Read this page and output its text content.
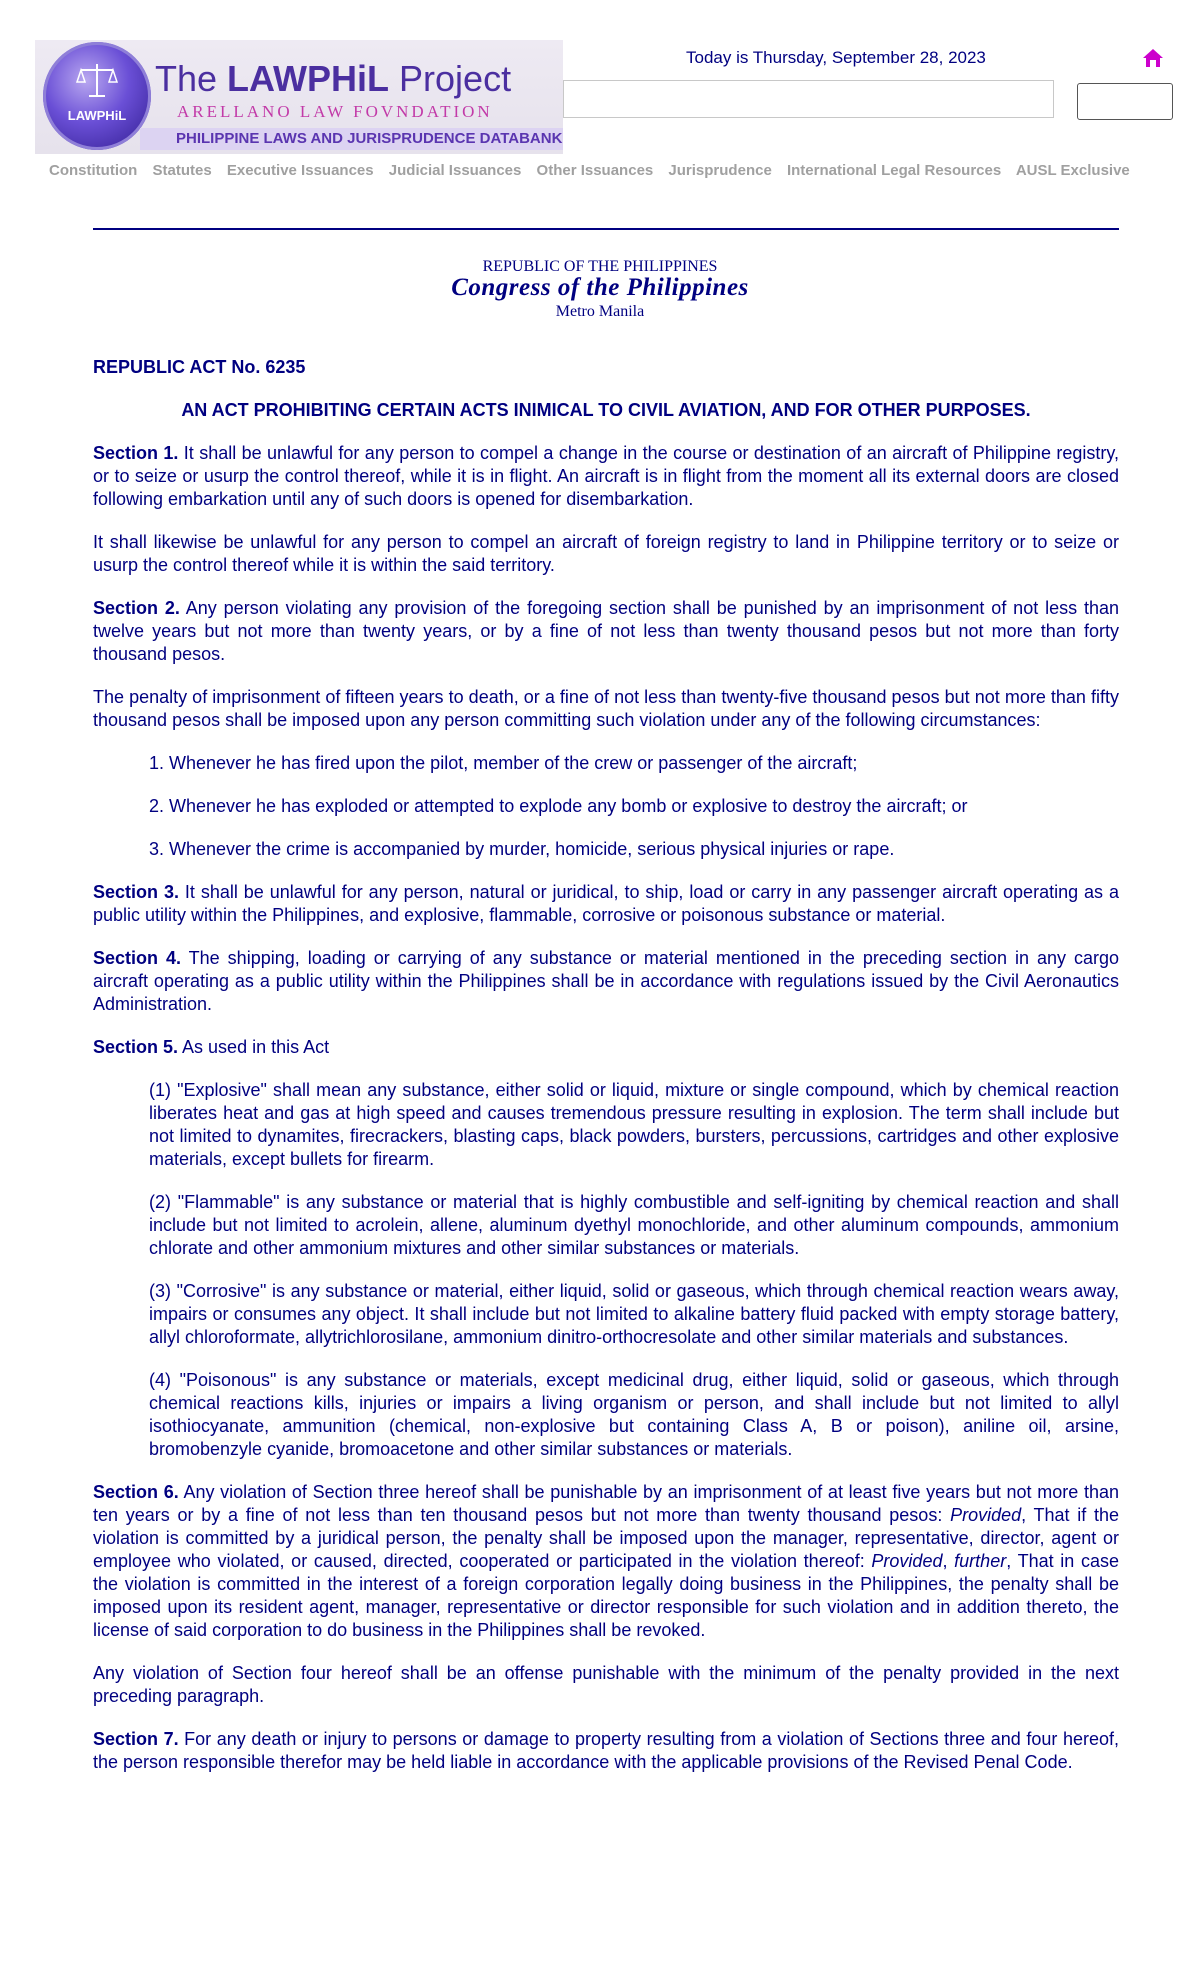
LAWPHiL
The LAWPHiL Project
ARELLANO LAW FOVNDATION
PHILIPPINE LAWS AND JURISPRUDENCE DATABANK
Today is Thursday, September 28, 2023
Constitution Statutes Executive Issuances Judicial Issuances Other Issuances Jurisprudence International Legal Resources AUSL Exclusive
REPUBLIC OF THE PHILIPPINES
Congress of the Philippines
Metro Manila

REPUBLIC ACT No. 6235

AN ACT PROHIBITING CERTAIN ACTS INIMICAL TO CIVIL AVIATION, AND FOR OTHER PURPOSES.

Section 1. It shall be unlawful for any person to compel a change in the course or destination of an aircraft of Philippine registry, or to seize or usurp the control thereof, while it is in flight. An aircraft is in flight from the moment all its external doors are closed following embarkation until any of such doors is opened for disembarkation.

It shall likewise be unlawful for any person to compel an aircraft of foreign registry to land in Philippine territory or to seize or usurp the control thereof while it is within the said territory.

Section 2. Any person violating any provision of the foregoing section shall be punished by an imprisonment of not less than twelve years but not more than twenty years, or by a fine of not less than twenty thousand pesos but not more than forty thousand pesos.

The penalty of imprisonment of fifteen years to death, or a fine of not less than twenty-five thousand pesos but not more than fifty thousand pesos shall be imposed upon any person committing such violation under any of the following circumstances:

1. Whenever he has fired upon the pilot, member of the crew or passenger of the aircraft;

2. Whenever he has exploded or attempted to explode any bomb or explosive to destroy the aircraft; or

3. Whenever the crime is accompanied by murder, homicide, serious physical injuries or rape.

Section 3. It shall be unlawful for any person, natural or juridical, to ship, load or carry in any passenger aircraft operating as a public utility within the Philippines, and explosive, flammable, corrosive or poisonous substance or material.

Section 4. The shipping, loading or carrying of any substance or material mentioned in the preceding section in any cargo aircraft operating as a public utility within the Philippines shall be in accordance with regulations issued by the Civil Aeronautics Administration.

Section 5. As used in this Act

(1) "Explosive" shall mean any substance, either solid or liquid, mixture or single compound, which by chemical reaction liberates heat and gas at high speed and causes tremendous pressure resulting in explosion. The term shall include but not limited to dynamites, firecrackers, blasting caps, black powders, bursters, percussions, cartridges and other explosive materials, except bullets for firearm.

(2) "Flammable" is any substance or material that is highly combustible and self-igniting by chemical reaction and shall include but not limited to acrolein, allene, aluminum dyethyl monochloride, and other aluminum compounds, ammonium chlorate and other ammonium mixtures and other similar substances or materials.

(3) "Corrosive" is any substance or material, either liquid, solid or gaseous, which through chemical reaction wears away, impairs or consumes any object. It shall include but not limited to alkaline battery fluid packed with empty storage battery, allyl chloroformate, allytrichlorosilane, ammonium dinitro-orthocresolate and other similar materials and substances.

(4) "Poisonous" is any substance or materials, except medicinal drug, either liquid, solid or gaseous, which through chemical reactions kills, injuries or impairs a living organism or person, and shall include but not limited to allyl isothiocyanate, ammunition (chemical, non-explosive but containing Class A, B or poison), aniline oil, arsine, bromobenzyle cyanide, bromoacetone and other similar substances or materials.

Section 6. Any violation of Section three hereof shall be punishable by an imprisonment of at least five years but not more than ten years or by a fine of not less than ten thousand pesos but not more than twenty thousand pesos: Provided, That if the violation is committed by a juridical person, the penalty shall be imposed upon the manager, representative, director, agent or employee who violated, or caused, directed, cooperated or participated in the violation thereof: Provided, further, That in case the violation is committed in the interest of a foreign corporation legally doing business in the Philippines, the penalty shall be imposed upon its resident agent, manager, representative or director responsible for such violation and in addition thereto, the license of said corporation to do business in the Philippines shall be revoked.

Any violation of Section four hereof shall be an offense punishable with the minimum of the penalty provided in the next preceding paragraph.

Section 7. For any death or injury to persons or damage to property resulting from a violation of Sections three and four hereof, the person responsible therefor may be held liable in accordance with the applicable provisions of the Revised Penal Code.
